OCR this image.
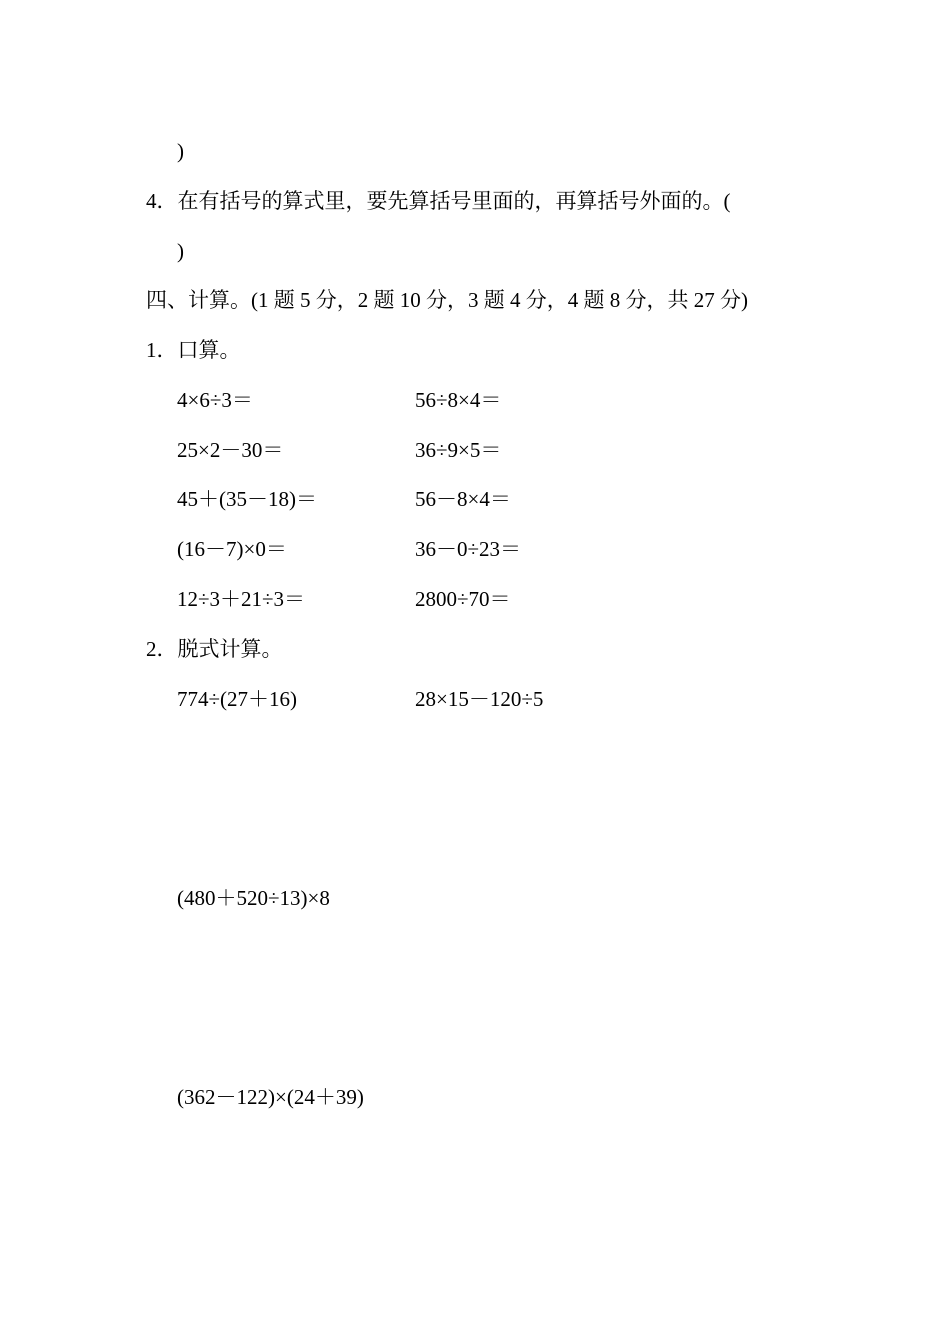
)
4．在有括号的算式里，要先算括号里面的，再算括号外面的。(
)
四、计算。(1 题 5 分，2 题 10 分，3 题 4 分，4 题 8 分，共 27 分)
1．口算。
4×6÷3＝	56÷8×4＝
25×2－30＝	36÷9×5＝
45＋(35－18)＝	56－8×4＝
(16－7)×0＝	36－0÷23＝
12÷3＋21÷3＝	2800÷70＝
2．脱式计算。
774÷(27＋16)	28×15－120÷5
(480＋520÷13)×8
(362－122)×(24＋39)
